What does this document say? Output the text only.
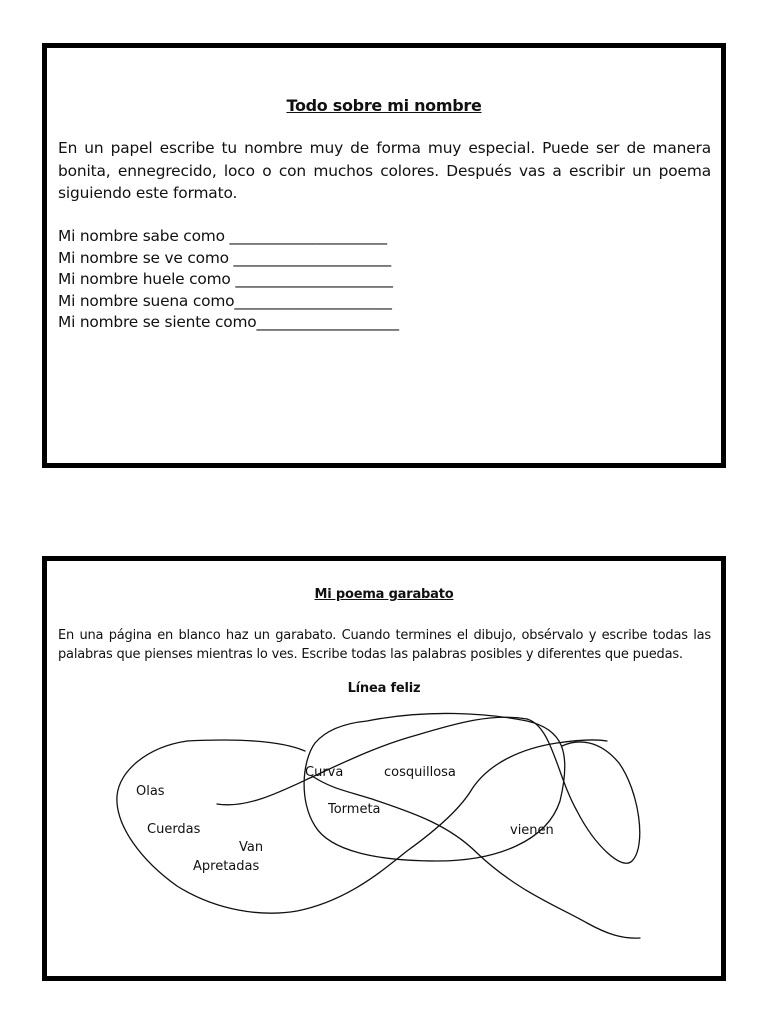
Todo sobre mi nombre
En un papel escribe tu nombre muy de forma muy especial. Puede ser de manera bonita, ennegrecido, loco o con muchos colores. Después vas a escribir un poema siguiendo este formato.
Mi nombre sabe como _____________________
Mi nombre se ve como _____________________
Mi nombre huele como _____________________
Mi nombre suena como_____________________
Mi nombre se siente como___________________
Mi poema garabato
En una página en blanco haz un garabato. Cuando termines el dibujo, obsérvalo y escribe todas las palabras que pienses mientras lo ves. Escribe todas las palabras posibles y diferentes que puedas.
Línea feliz
Olas
Cuerdas
Van
Apretadas
Curva	cosquillosa
Tormeta
vienen
